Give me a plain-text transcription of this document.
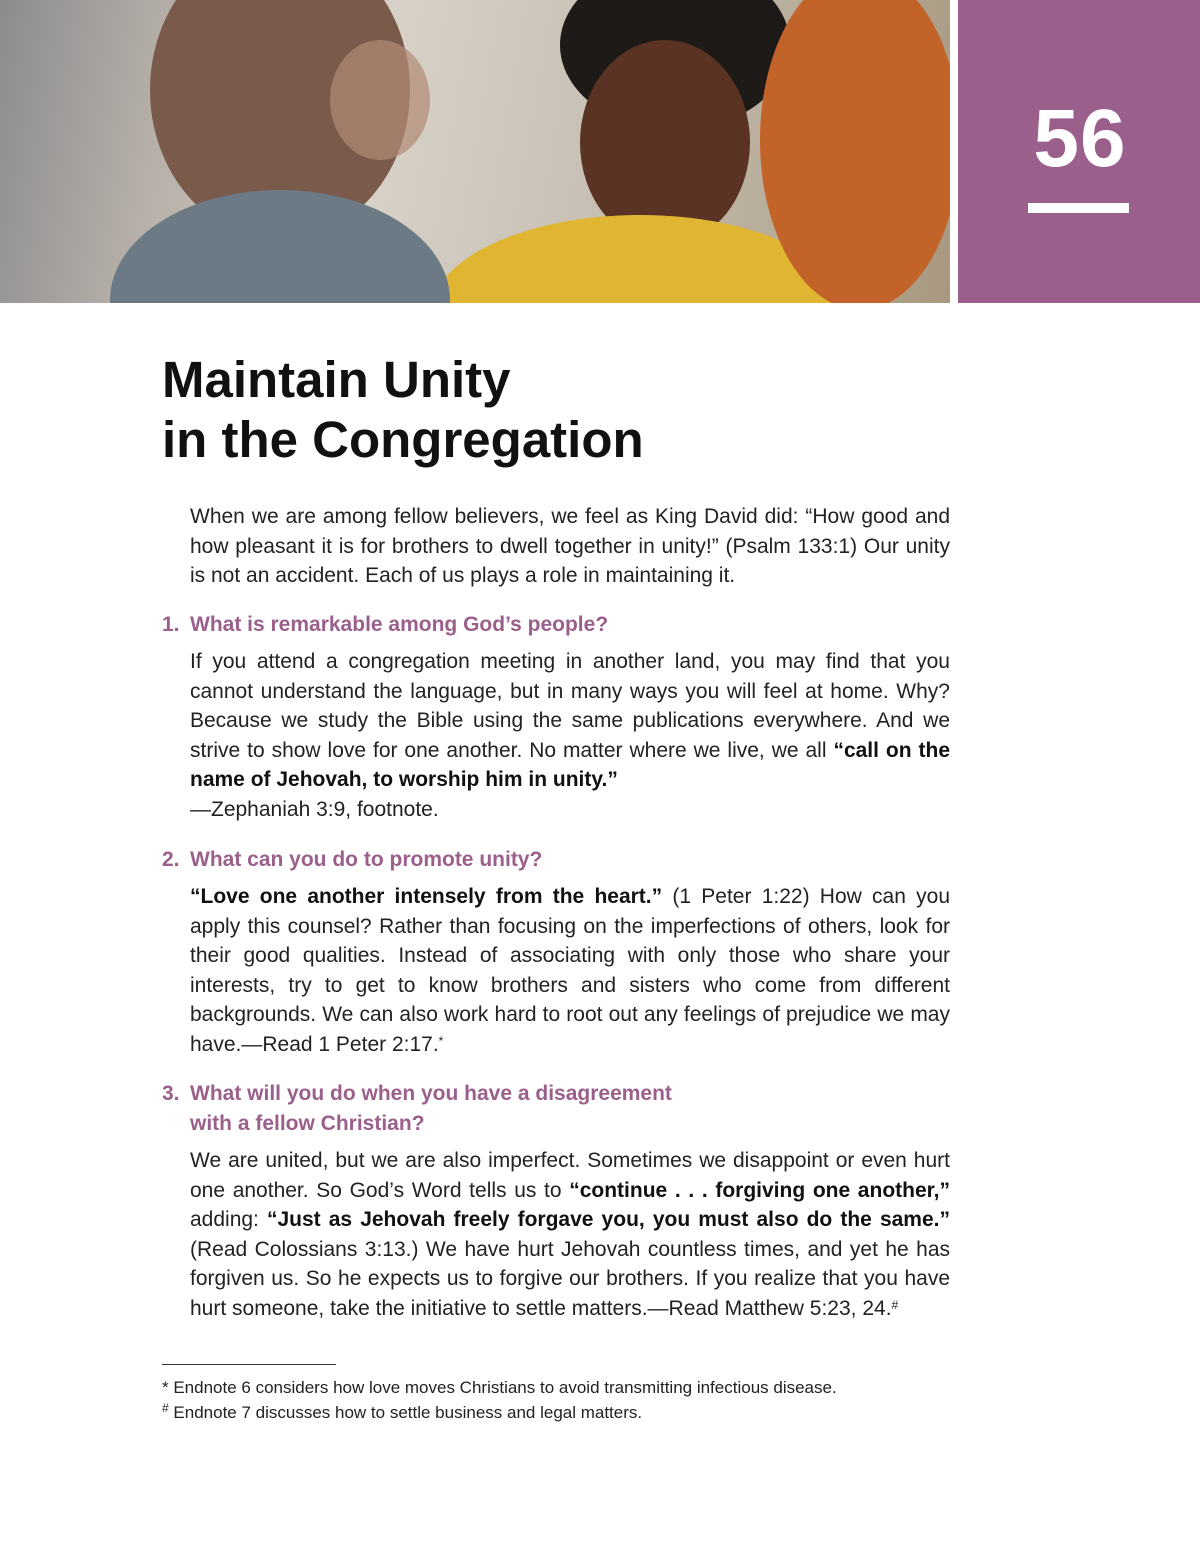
56
Maintain Unity
in the Congregation

When we are among fellow believers, we feel as King David did: “How good and how pleasant it is for brothers to dwell together in unity!” (Psalm 133:1) Our unity is not an accident. Each of us plays a role in maintaining it.

1. What is remarkable among God’s people?

If you attend a congregation meeting in another land, you may find that you cannot understand the language, but in many ways you will feel at home. Why? Because we study the Bible using the same publications everywhere. And we strive to show love for one another. No matter where we live, we all “call on the name of Jehovah, to worship him in unity.”
—Zephaniah 3:9, footnote.

2. What can you do to promote unity?

“Love one another intensely from the heart.” (1 Peter 1:22) How can you apply this counsel? Rather than focusing on the imperfections of others, look for their good qualities. Instead of associating with only those who share your interests, try to get to know brothers and sisters who come from different backgrounds. We can also work hard to root out any feelings of prejudice we may have.—Read 1 Peter 2:17.*

3. What will you do when you have a disagreement
with a fellow Christian?

We are united, but we are also imperfect. Sometimes we disappoint or even hurt one another. So God’s Word tells us to “continue . . . forgiving one another,” adding: “Just as Jehovah freely forgave you, you must also do the same.” (Read Colossians 3:13.) We have hurt Jehovah countless times, and yet he has forgiven us. So he expects us to forgive our brothers. If you realize that you have hurt someone, take the initiative to settle matters.—Read Matthew 5:23, 24.#

* Endnote 6 considers how love moves Christians to avoid transmitting infectious disease.

# Endnote 7 discusses how to settle business and legal matters.
